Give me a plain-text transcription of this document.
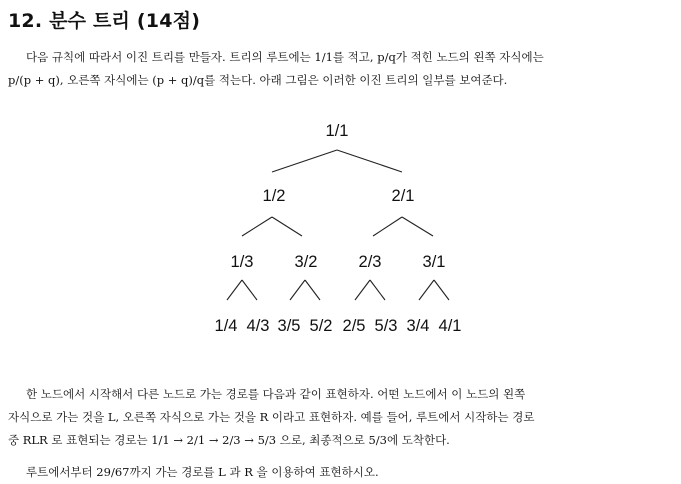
12. 분수 트리 (14점)
다음 규칙에 따라서 이진 트리를 만들자. 트리의 루트에는 1/1를 적고, p/q가 적힌 노드의 왼쪽 자식에는
p/(p + q), 오른쪽 자식에는 (p + q)/q를 적는다. 아래 그림은 이러한 이진 트리의 일부를 보여준다.
1/1
1/2	2/1
1/3 3/2 2/3 3/1
1/4 4/3 3/5 5/2 2/5 5/3 3/4 4/1
한 노드에서 시작해서 다른 노드로 가는 경로를 다음과 같이 표현하자. 어떤 노드에서 이 노드의 왼쪽
자식으로 가는 것을 L, 오른쪽 자식으로 가는 것을 R 이라고 표현하자. 예를 들어, 루트에서 시작하는 경로
중 RLR 로 표현되는 경로는 1/1 → 2/1 → 2/3 → 5/3 으로, 최종적으로 5/3에 도착한다.
루트에서부터 29/67까지 가는 경로를 L 과 R 을 이용하여 표현하시오.
